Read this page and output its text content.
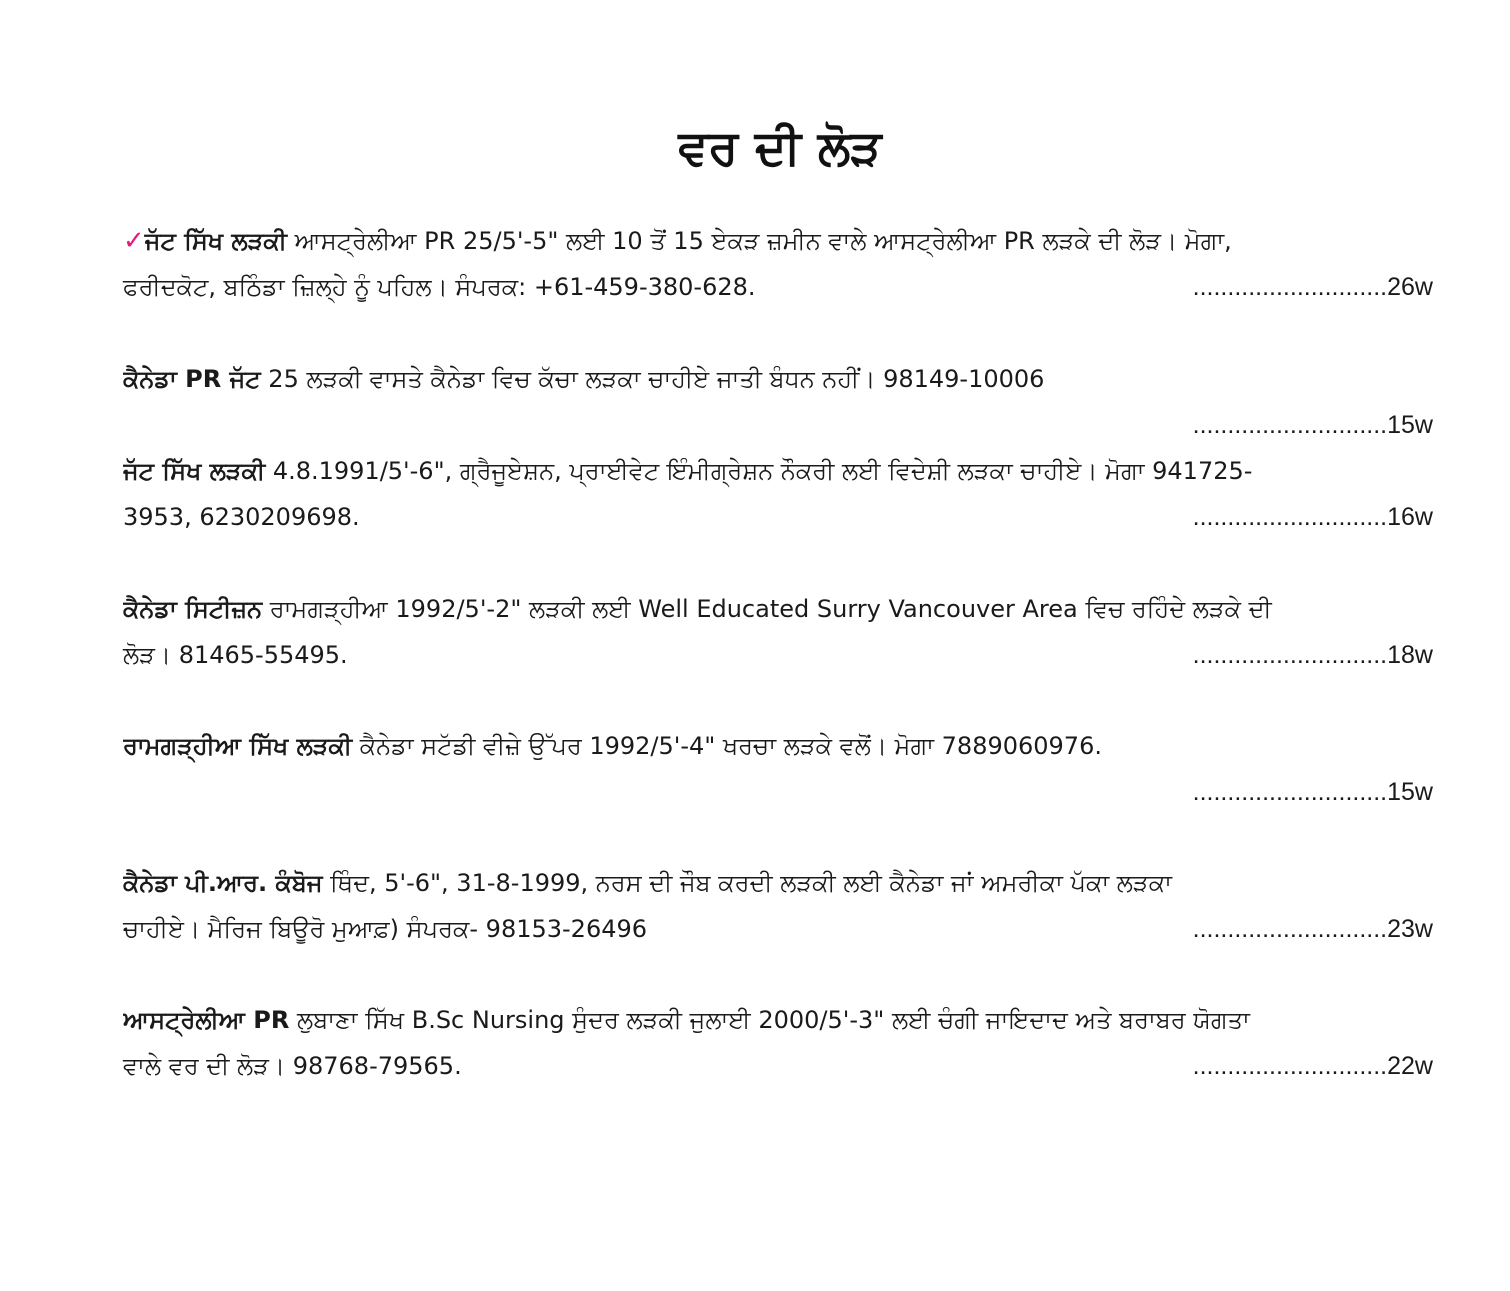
ਵਰ ਦੀ ਲੋੜ
✓ਜੱਟ ਸਿੱਖ ਲੜਕੀ ਆਸਟ੍ਰੇਲੀਆ PR 25/5'-5" ਲਈ 10 ਤੋਂ 15 ਏਕੜ ਜ਼ਮੀਨ ਵਾਲੇ ਆਸਟ੍ਰੇਲੀਆ PR ਲੜਕੇ ਦੀ ਲੋੜ। ਮੋਗਾ,
ਫਰੀਦਕੋਟ, ਬਠਿੰਡਾ ਜ਼ਿਲ੍ਹੇ ਨੂੰ ਪਹਿਲ। ਸੰਪਰਕ: +61-459-380-628.	............................26w
ਕੈਨੇਡਾ PR ਜੱਟ 25 ਲੜਕੀ ਵਾਸਤੇ ਕੈਨੇਡਾ ਵਿਚ ਕੱਚਾ ਲੜਕਾ ਚਾਹੀਏ ਜਾਤੀ ਬੰਧਨ ਨਹੀਂ। 98149-10006
............................15w
ਜੱਟ ਸਿੱਖ ਲੜਕੀ 4.8.1991/5'-6", ਗ੍ਰੈਜੂਏਸ਼ਨ, ਪ੍ਰਾਈਵੇਟ ਇੰਮੀਗ੍ਰੇਸ਼ਨ ਨੌਕਰੀ ਲਈ ਵਿਦੇਸ਼ੀ ਲੜਕਾ ਚਾਹੀਏ। ਮੋਗਾ 941725-
3953, 6230209698.	............................16w
ਕੈਨੇਡਾ ਸਿਟੀਜ਼ਨ ਰਾਮਗੜ੍ਹੀਆ 1992/5'-2" ਲੜਕੀ ਲਈ Well Educated Surry Vancouver Area ਵਿਚ ਰਹਿੰਦੇ ਲੜਕੇ ਦੀ
ਲੋੜ। 81465-55495.	............................18w
ਰਾਮਗੜ੍ਹੀਆ ਸਿੱਖ ਲੜਕੀ ਕੈਨੇਡਾ ਸਟੱਡੀ ਵੀਜ਼ੇ ਉੱਪਰ 1992/5'-4" ਖਰਚਾ ਲੜਕੇ ਵਲੋਂ। ਮੋਗਾ 7889060976.
............................15w
ਕੈਨੇਡਾ ਪੀ.ਆਰ. ਕੰਬੋਜ ਥਿੰਦ, 5'-6", 31-8-1999, ਨਰਸ ਦੀ ਜੌਬ ਕਰਦੀ ਲੜਕੀ ਲਈ ਕੈਨੇਡਾ ਜਾਂ ਅਮਰੀਕਾ ਪੱਕਾ ਲੜਕਾ
ਚਾਹੀਏ। ਮੈਰਿਜ ਬਿਊਰੋ ਮੁਆਫ਼) ਸੰਪਰਕ- 98153-26496	............................23w
ਆਸਟ੍ਰੇਲੀਆ PR ਲੁਬਾਣਾ ਸਿੱਖ B.Sc Nursing ਸੁੰਦਰ ਲੜਕੀ ਜੁਲਾਈ 2000/5'-3" ਲਈ ਚੰਗੀ ਜਾਇਦਾਦ ਅਤੇ ਬਰਾਬਰ ਯੋਗਤਾ
ਵਾਲੇ ਵਰ ਦੀ ਲੋੜ। 98768-79565.	............................22w
